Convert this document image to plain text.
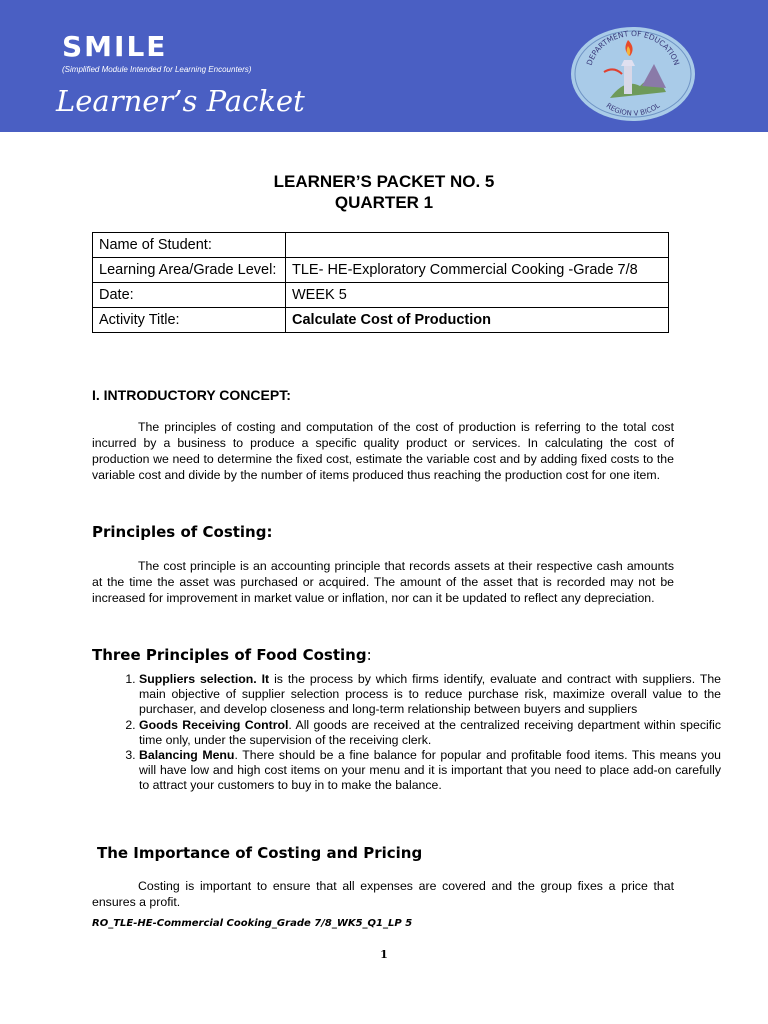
SMILE
(Simplified Module Intended for Learning Encounters)
Learner’s Packet
DEPARTMENT OF EDUCATION
REGION V BICOL
LEARNER’S PACKET NO. 5
QUARTER 1
Name of Student:	
Learning Area/Grade Level:	TLE- HE-Exploratory Commercial Cooking -Grade 7/8
Date:	WEEK 5
Activity Title:	Calculate Cost of Production
I. INTRODUCTORY CONCEPT:

The principles of costing and computation of the cost of production is referring to the total cost incurred by a business to produce a specific quality product or services. In calculating the cost of production we need to determine the fixed cost, estimate the variable cost and by adding fixed costs to the variable cost and divide by the number of items produced thus reaching the production cost for one item.

Principles of Costing:

The cost principle is an accounting principle that records assets at their respective cash amounts at the time the asset was purchased or acquired. The amount of the asset that is recorded may not be increased for improvement in market value or inflation, nor can it be updated to reflect any depreciation.

Three Principles of Food Costing:
1. Suppliers selection. It is the process by which firms identify, evaluate and contract with suppliers. The main objective of supplier selection process is to reduce purchase risk, maximize overall value to the purchaser, and develop closeness and long-term relationship between buyers and suppliers
2. Goods Receiving Control. All goods are received at the centralized receiving department within specific time only, under the supervision of the receiving clerk.
3. Balancing Menu. There should be a fine balance for popular and profitable food items. This means you will have low and high cost items on your menu and it is important that you need to place add-on carefully to attract your customers to buy in to make the balance.
The Importance of Costing and Pricing

Costing is important to ensure that all expenses are covered and the group fixes a price that ensures a profit.

RO_TLE-HE-Commercial Cooking_Grade 7/8_WK5_Q1_LP 5
1
